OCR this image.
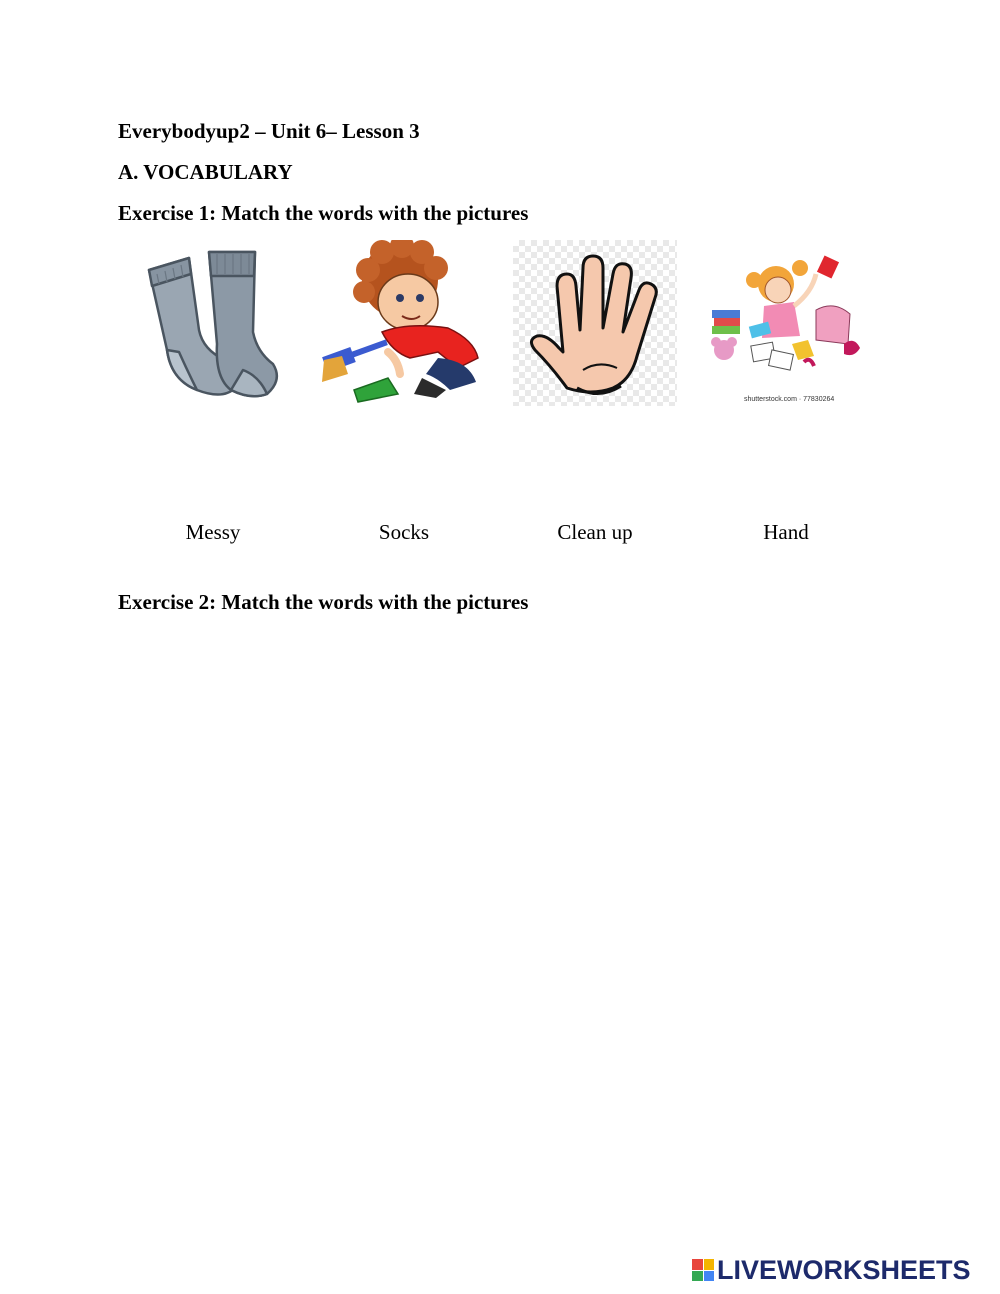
Everybodyup2 – Unit 6– Lesson 3

A. VOCABULARY

Exercise 1: Match the words with the pictures

shutterstock.com · 77830264
Messy	Socks	Clean up	Hand

Exercise 2: Match the words with the pictures

LIVEWORKSHEETS
